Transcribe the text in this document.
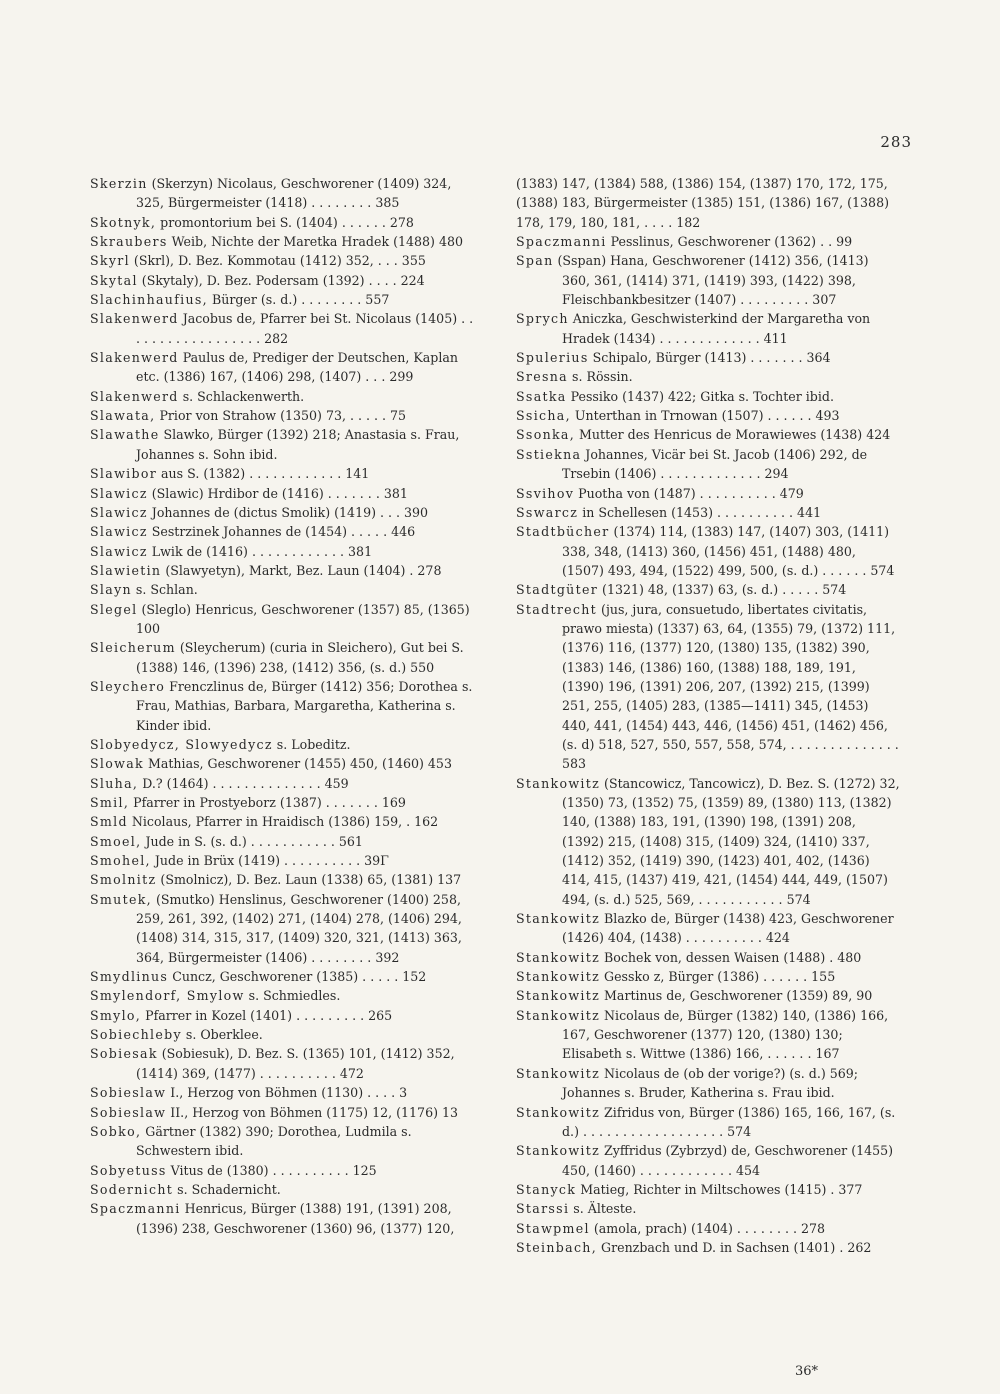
283

Skerzin (Skerzyn) Nicolaus, Geschworener (1409) 324, 325, Bürgermeister (1418) . . . . . . . . 385

Skotnyk, promontorium bei S. (1404) . . . . . . 278

Skraubers Weib, Nichte der Maretka Hradek (1488) 480

Skyrl (Skrl), D. Bez. Kommotau (1412) 352, . . . 355

Skytal (Skytaly), D. Bez. Podersam (1392) . . . . 224

Slachinhaufius, Bürger (s. d.) . . . . . . . . 557

Slakenwerd Jacobus de, Pfarrer bei St. Nicolaus (1405) . . . . . . . . . . . . . . . . . . 282

Slakenwerd Paulus de, Prediger der Deutschen, Kaplan etc. (1386) 167, (1406) 298, (1407) . . . 299

Slakenwerd s. Schlackenwerth.

Slawata, Prior von Strahow (1350) 73, . . . . . 75

Slawathe Slawko, Bürger (1392) 218; Anastasia s. Frau, Johannes s. Sohn ibid.

Slawibor aus S. (1382) . . . . . . . . . . . . 141

Slawicz (Slawic) Hrdibor de (1416) . . . . . . . 381

Slawicz Johannes de (dictus Smolik) (1419) . . . 390

Slawicz Sestrzinek Johannes de (1454) . . . . . 446

Slawicz Lwik de (1416) . . . . . . . . . . . . 381

Slawietin (Slawyetyn), Markt, Bez. Laun (1404) . 278

Slayn s. Schlan.

Slegel (Sleglo) Henricus, Geschworener (1357) 85, (1365) 100

Sleicherum (Sleycherum) (curia in Sleichero), Gut bei S. (1388) 146, (1396) 238, (1412) 356, (s. d.) 550

Sleychero Frenczlinus de, Bürger (1412) 356; Dorothea s. Frau, Mathias, Barbara, Margaretha, Katherina s. Kinder ibid.

Slobyedycz, Slowyedycz s. Lobeditz.

Slowak Mathias, Geschworener (1455) 450, (1460) 453

Sluha, D.? (1464) . . . . . . . . . . . . . . 459

Smil, Pfarrer in Prostyeborz (1387) . . . . . . . 169

Smld Nicolaus, Pfarrer in Hraidisch (1386) 159, . 162

Smoel, Jude in S. (s. d.) . . . . . . . . . . . 561

Smohel, Jude in Brüx (1419) . . . . . . . . . . 39Γ

Smolnitz (Smolnicz), D. Bez. Laun (1338) 65, (1381) 137

Smutek, (Smutko) Henslinus, Geschworener (1400) 258, 259, 261, 392, (1402) 271, (1404) 278, (1406) 294, (1408) 314, 315, 317, (1409) 320, 321, (1413) 363, 364, Bürgermeister (1406) . . . . . . . . 392

Smydlinus Cuncz, Geschworener (1385) . . . . . 152

Smylendorf, Smylow s. Schmiedles.

Smylo, Pfarrer in Kozel (1401) . . . . . . . . . 265

Sobiechleby s. Oberklee.

Sobiesak (Sobiesuk), D. Bez. S. (1365) 101, (1412) 352, (1414) 369, (1477) . . . . . . . . . . 472

Sobieslaw I., Herzog von Böhmen (1130) . . . . 3

Sobieslaw II., Herzog von Böhmen (1175) 12, (1176) 13

Sobko, Gärtner (1382) 390; Dorothea, Ludmila s. Schwestern ibid.

Sobyetuss Vitus de (1380) . . . . . . . . . . 125

Sodernicht s. Schadernicht.

Spaczmanni Henricus, Bürger (1388) 191, (1391) 208, (1396) 238, Geschworener (1360) 96, (1377) 120,

(1383) 147, (1384) 588, (1386) 154, (1387) 170, 172, 175, (1388) 183, Bürgermeister (1385) 151, (1386) 167, (1388) 178, 179, 180, 181, . . . . 182

Spaczmanni Pesslinus, Geschworener (1362) . . 99

Span (Sspan) Hana, Geschworener (1412) 356, (1413) 360, 361, (1414) 371, (1419) 393, (1422) 398, Fleischbankbesitzer (1407) . . . . . . . . . 307

Sprych Aniczka, Geschwisterkind der Margaretha von Hradek (1434) . . . . . . . . . . . . . 411

Spulerius Schipalo, Bürger (1413) . . . . . . . 364

Sresna s. Rössin.

Ssatka Pessiko (1437) 422; Gitka s. Tochter ibid.

Ssicha, Unterthan in Trnowan (1507) . . . . . . 493

Ssonka, Mutter des Henricus de Morawiewes (1438) 424

Sstiekna Johannes, Vicär bei St. Jacob (1406) 292, de Trsebin (1406) . . . . . . . . . . . . . 294

Ssvihov Puotha von (1487) . . . . . . . . . . 479

Sswarcz in Schellesen (1453) . . . . . . . . . . 441

Stadtbücher (1374) 114, (1383) 147, (1407) 303, (1411) 338, 348, (1413) 360, (1456) 451, (1488) 480, (1507) 493, 494, (1522) 499, 500, (s. d.) . . . . . . 574

Stadtgüter (1321) 48, (1337) 63, (s. d.) . . . . . 574

Stadtrecht (jus, jura, consuetudo, libertates civitatis, prawo miesta) (1337) 63, 64, (1355) 79, (1372) 111, (1376) 116, (1377) 120, (1380) 135, (1382) 390, (1383) 146, (1386) 160, (1388) 188, 189, 191, (1390) 196, (1391) 206, 207, (1392) 215, (1399) 251, 255, (1405) 283, (1385—1411) 345, (1453) 440, 441, (1454) 443, 446, (1456) 451, (1462) 456, (s. d) 518, 527, 550, 557, 558, 574, . . . . . . . . . . . . . . 583

Stankowitz (Stancowicz, Tancowicz), D. Bez. S. (1272) 32, (1350) 73, (1352) 75, (1359) 89, (1380) 113, (1382) 140, (1388) 183, 191, (1390) 198, (1391) 208, (1392) 215, (1408) 315, (1409) 324, (1410) 337, (1412) 352, (1419) 390, (1423) 401, 402, (1436) 414, 415, (1437) 419, 421, (1454) 444, 449, (1507) 494, (s. d.) 525, 569, . . . . . . . . . . . 574

Stankowitz Blazko de, Bürger (1438) 423, Geschworener (1426) 404, (1438) . . . . . . . . . . 424

Stankowitz Bochek von, dessen Waisen (1488) . 480

Stankowitz Gessko z, Bürger (1386) . . . . . . 155

Stankowitz Martinus de, Geschworener (1359) 89, 90

Stankowitz Nicolaus de, Bürger (1382) 140, (1386) 166, 167, Geschworener (1377) 120, (1380) 130; Elisabeth s. Wittwe (1386) 166, . . . . . . 167

Stankowitz Nicolaus de (ob der vorige?) (s. d.) 569; Johannes s. Bruder, Katherina s. Frau ibid.

Stankowitz Zifridus von, Bürger (1386) 165, 166, 167, (s. d.) . . . . . . . . . . . . . . . . . . 574

Stankowitz Zyffridus (Zybrzyd) de, Geschworener (1455) 450, (1460) . . . . . . . . . . . . 454

Stanyck Matieg, Richter in Miltschowes (1415) . 377

Starssi s. Älteste.

Stawpmel (amola, prach) (1404) . . . . . . . . 278

Steinbach, Grenzbach und D. in Sachsen (1401) . 262

36*
